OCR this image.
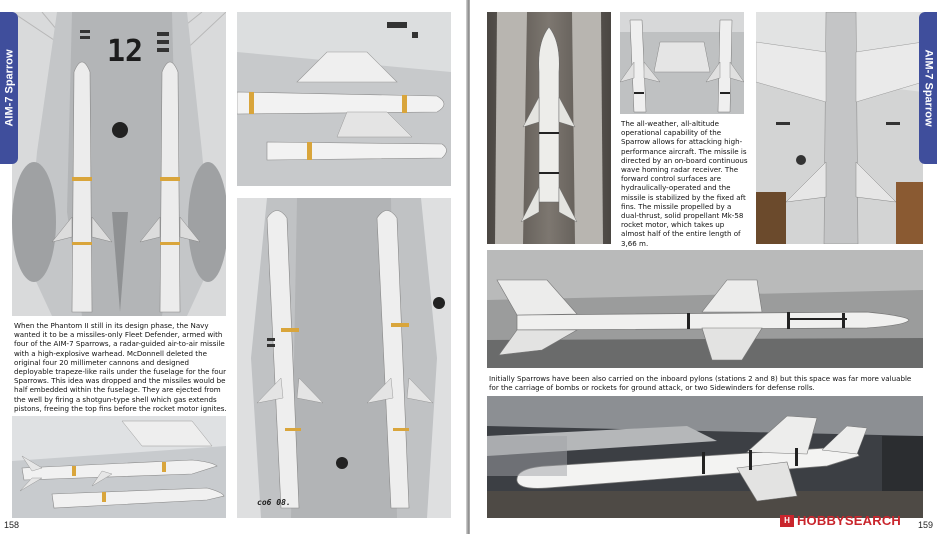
12

When the Phantom II still in its design phase, the Navy wanted it to be a missiles-only Fleet Defender, armed with four of the AIM-7 Sparrows, a radar-guided air-to-air missile with a high-explosive warhead. McDonnell deleted the original four 20 millimeter cannons and designed deployable trapeze-like rails under the fuselage for the four Sparrows. This idea was dropped and the missiles would be half embedded within the fuselage. They are ejected from the well by firing a shotgun-type shell which gas extends pistons, freeing the top fins before the rocket motor ignites.

co6 08.
AIM-7 Sparrow
158

The all-weather, all-altitude operational capability of the Sparrow allows for attacking high-performance aircraft. The missile is directed by an on-board continuous wave homing radar receiver. The forward control surfaces are hydraulically-operated and the missile is stabilized by the fixed aft fins. The missile propelled by a dual-thrust, solid propellant Mk-58 rocket motor, which takes up almost half of the entire length of 3,66 m.

Initially Sparrows have been also carried on the inboard pylons (stations 2 and 8) but this space was far more valuable for the carriage of bombs or rockets for ground attack, or two Sidewinders for defense rolls.

AIM-7 Sparrow
159
H HOBBYSEARCH
